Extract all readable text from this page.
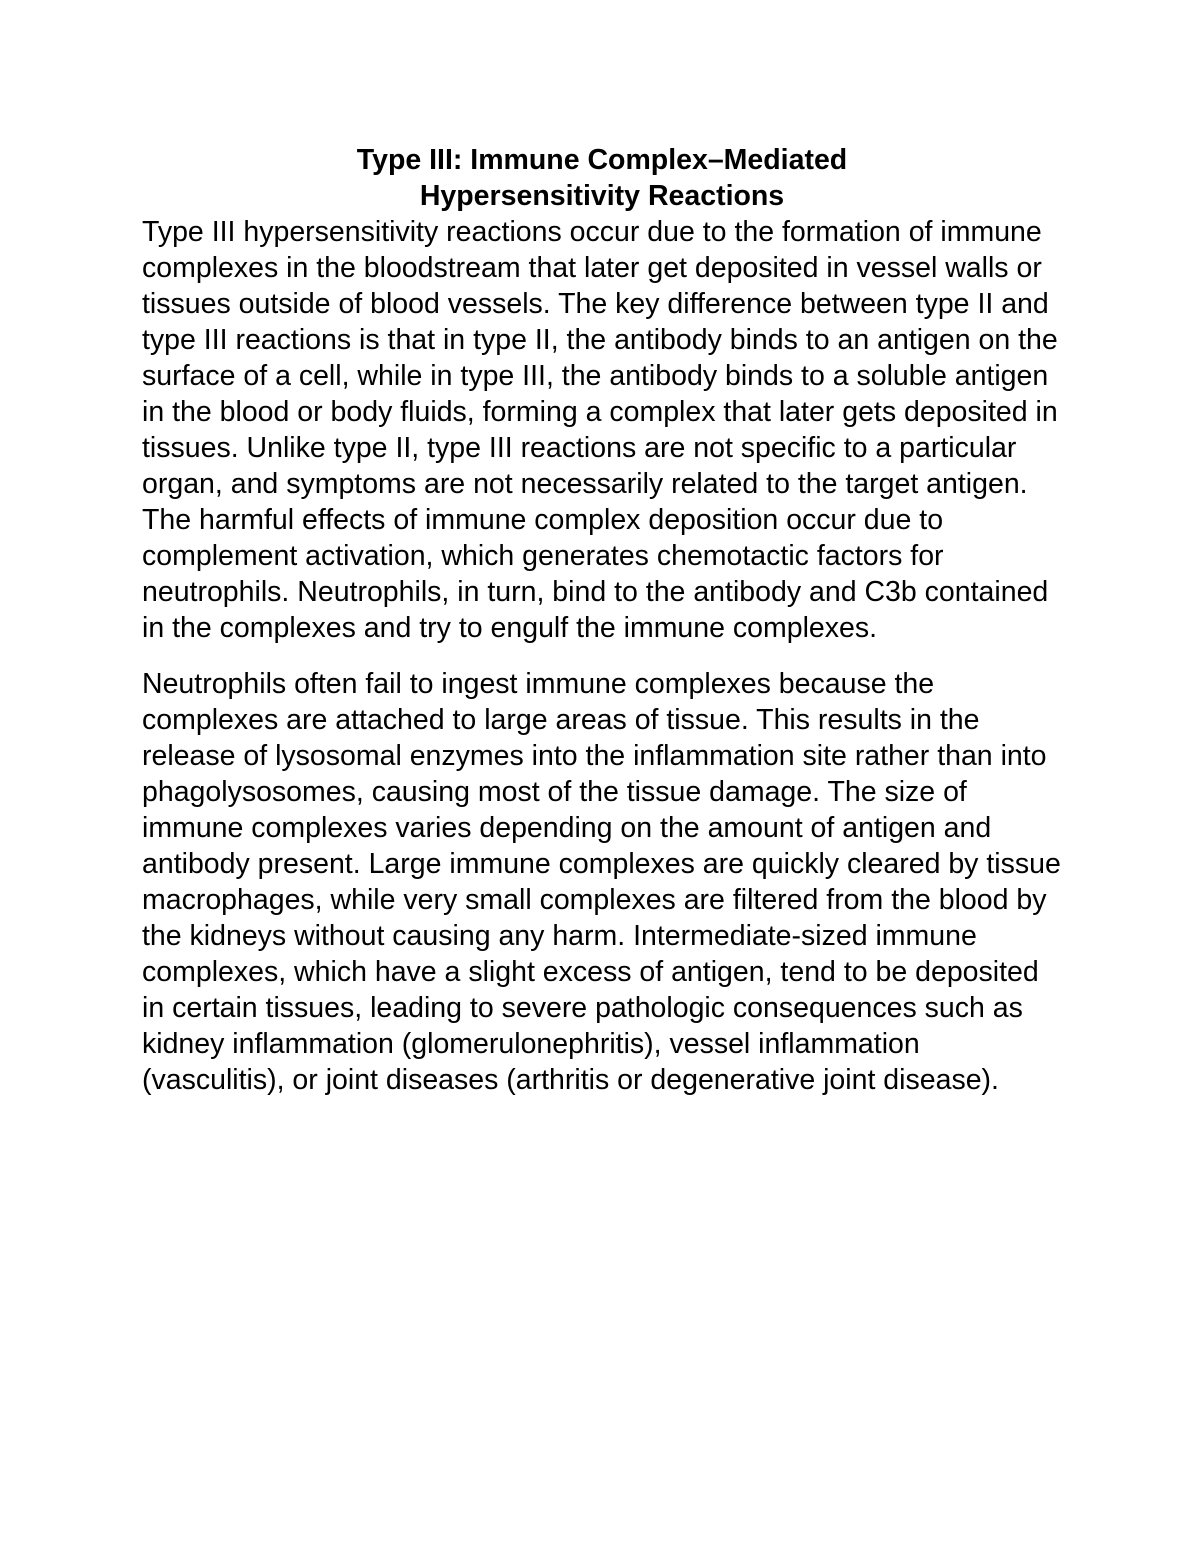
Type III: Immune Complex–Mediated
Hypersensitivity Reactions

Type III hypersensitivity reactions occur due to the formation of immune complexes in the bloodstream that later get deposited in vessel walls or tissues outside of blood vessels. The key difference between type II and type III reactions is that in type II, the antibody binds to an antigen on the surface of a cell, while in type III, the antibody binds to a soluble antigen in the blood or body fluids, forming a complex that later gets deposited in tissues. Unlike type II, type III reactions are not specific to a particular organ, and symptoms are not necessarily related to the target antigen. The harmful effects of immune complex deposition occur due to complement activation, which generates chemotactic factors for neutrophils. Neutrophils, in turn, bind to the antibody and C3b contained in the complexes and try to engulf the immune complexes.

Neutrophils often fail to ingest immune complexes because the complexes are attached to large areas of tissue. This results in the release of lysosomal enzymes into the inflammation site rather than into phagolysosomes, causing most of the tissue damage. The size of immune complexes varies depending on the amount of antigen and antibody present. Large immune complexes are quickly cleared by tissue macrophages, while very small complexes are filtered from the blood by the kidneys without causing any harm. Intermediate-sized immune complexes, which have a slight excess of antigen, tend to be deposited in certain tissues, leading to severe pathologic consequences such as kidney inflammation (glomerulonephritis), vessel inflammation (vasculitis), or joint diseases (arthritis or degenerative joint disease).
